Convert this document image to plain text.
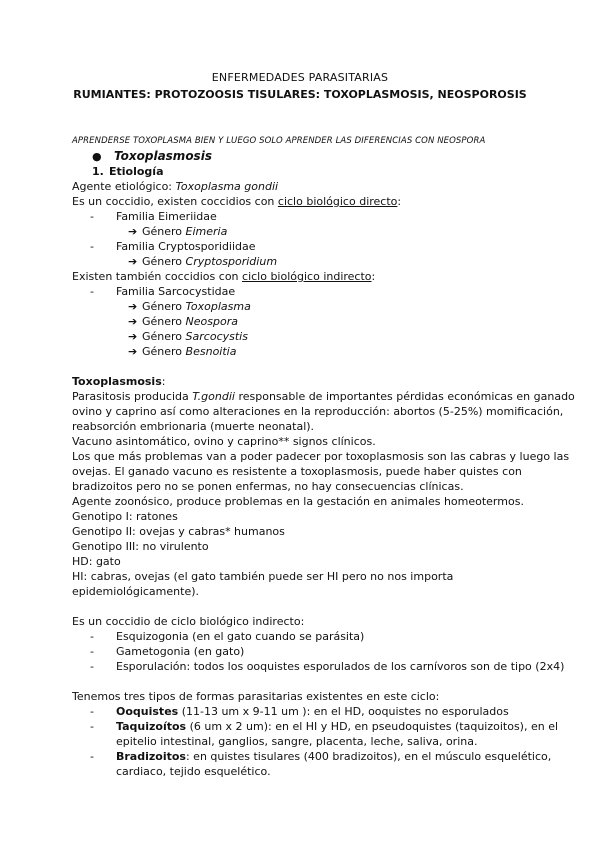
ENFERMEDADES PARASITARIAS
RUMIANTES: PROTOZOOSIS TISULARES: TOXOPLASMOSIS, NEOSPOROSIS
APRENDERSE TOXOPLASMA BIEN Y LUEGO SOLO APRENDER LAS DIFERENCIAS CON NEOSPORA
● Toxoplasmosis
1. Etiología
Agente etiológico: Toxoplasma gondii
Es un coccidio, existen coccidios con ciclo biológico directo:
- Familia Eimeriidae
➔ Género Eimeria
- Familia Cryptosporidiidae
➔ Género Cryptosporidium
Existen también coccidios con ciclo biológico indirecto:
- Familia Sarcocystidae
➔ Género Toxoplasma
➔ Género Neospora
➔ Género Sarcocystis
➔ Género Besnoitia
Toxoplasmosis:
Parasitosis producida T.gondii responsable de importantes pérdidas económicas en ganado
ovino y caprino así como alteraciones en la reproducción: abortos (5-25%) momificación,
reabsorción embrionaria (muerte neonatal).
Vacuno asintomático, ovino y caprino** signos clínicos.
Los que más problemas van a poder padecer por toxoplasmosis son las cabras y luego las
ovejas. El ganado vacuno es resistente a toxoplasmosis, puede haber quistes con
bradizoitos pero no se ponen enfermas, no hay consecuencias clínicas.
Agente zoonósico, produce problemas en la gestación en animales homeotermos.
Genotipo I: ratones
Genotipo II: ovejas y cabras* humanos
Genotipo III: no virulento
HD: gato
HI: cabras, ovejas (el gato también puede ser HI pero no nos importa
epidemiológicamente).
Es un coccidio de ciclo biológico indirecto:
- Esquizogonia (en el gato cuando se parásita)
- Gametogonia (en gato)
- Esporulación: todos los ooquistes esporulados de los carnívoros son de tipo (2x4)
Tenemos tres tipos de formas parasitarias existentes en este ciclo:
- Ooquistes (11-13 um x 9-11 um ): en el HD, ooquistes no esporulados
- Taquizoítos (6 um x 2 um): en el HI y HD, en pseudoquistes (taquizoitos), en el
epitelio intestinal, ganglios, sangre, placenta, leche, saliva, orina.
- Bradizoitos: en quistes tisulares (400 bradizoitos), en el músculo esquelético,
cardiaco, tejido esquelético.
